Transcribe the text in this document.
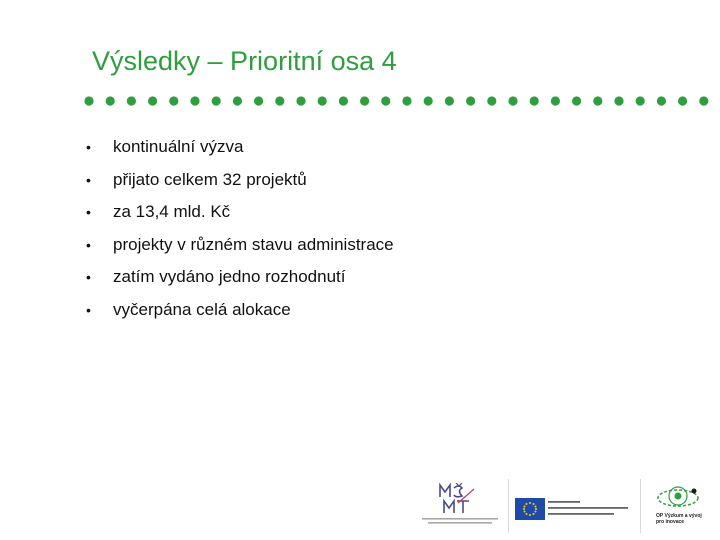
Výsledky – Prioritní osa 4
•	kontinuální výzva
•	přijato celkem 32 projektů
•	za 13,4 mld. Kč
•	projekty v různém stavu administrace
•	zatím vydáno jedno rozhodnutí
•	vyčerpána celá alokace
OP Výzkum a vývoj
pro inovace
